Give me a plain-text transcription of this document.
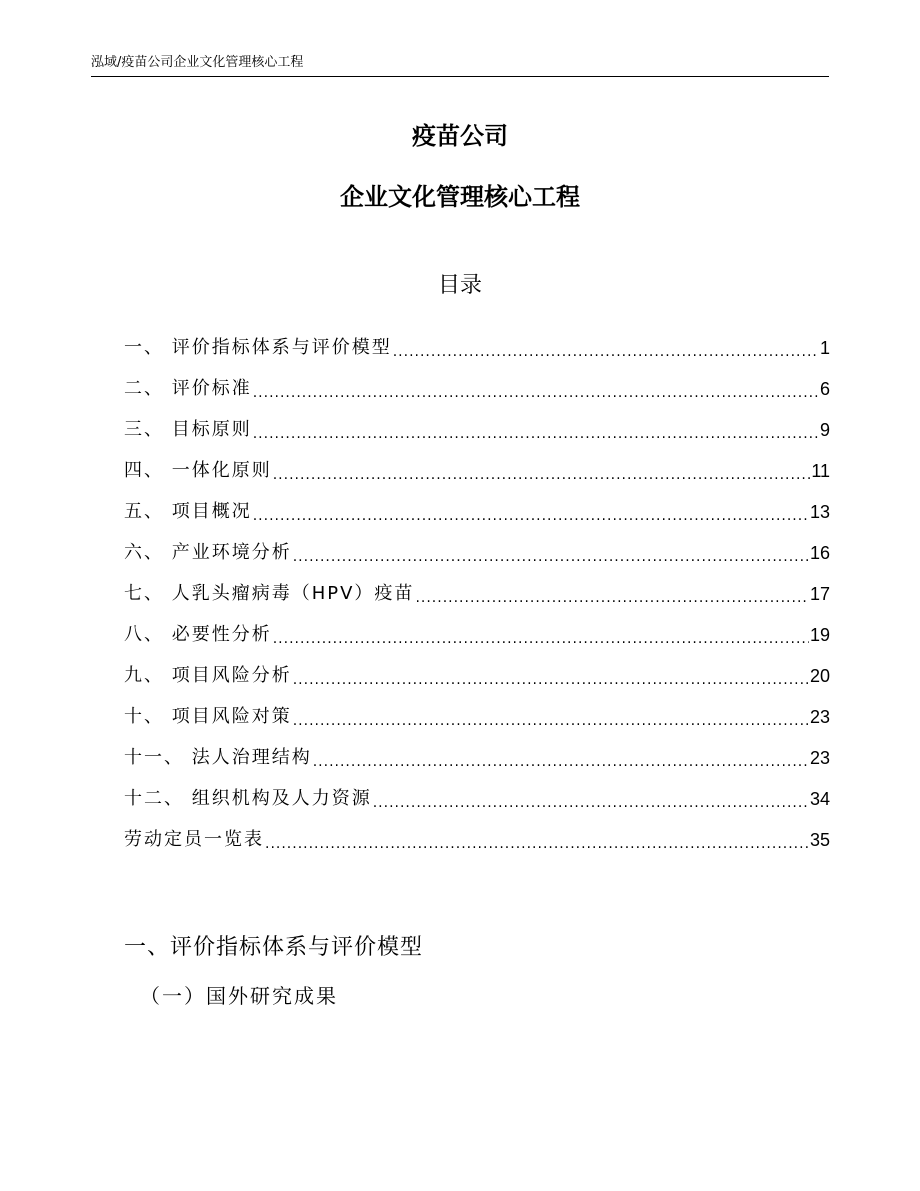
泓域/疫苗公司企业文化管理核心工程
疫苗公司
企业文化管理核心工程
目录
一、 评价指标体系与评价模型 .....	1
二、 评价标准 .....	6
三、 目标原则 .....	9
四、 一体化原则 .....	11
五、 项目概况 .....	13
六、 产业环境分析 .....	16
七、 人乳头瘤病毒（HPV）疫苗 .....	17
八、 必要性分析 .....	19
九、 项目风险分析 .....	20
十、 项目风险对策 .....	23
十一、 法人治理结构 .....	23
十二、 组织机构及人力资源 .....	34
劳动定员一览表 .....	35
一、评价指标体系与评价模型
（一）国外研究成果
